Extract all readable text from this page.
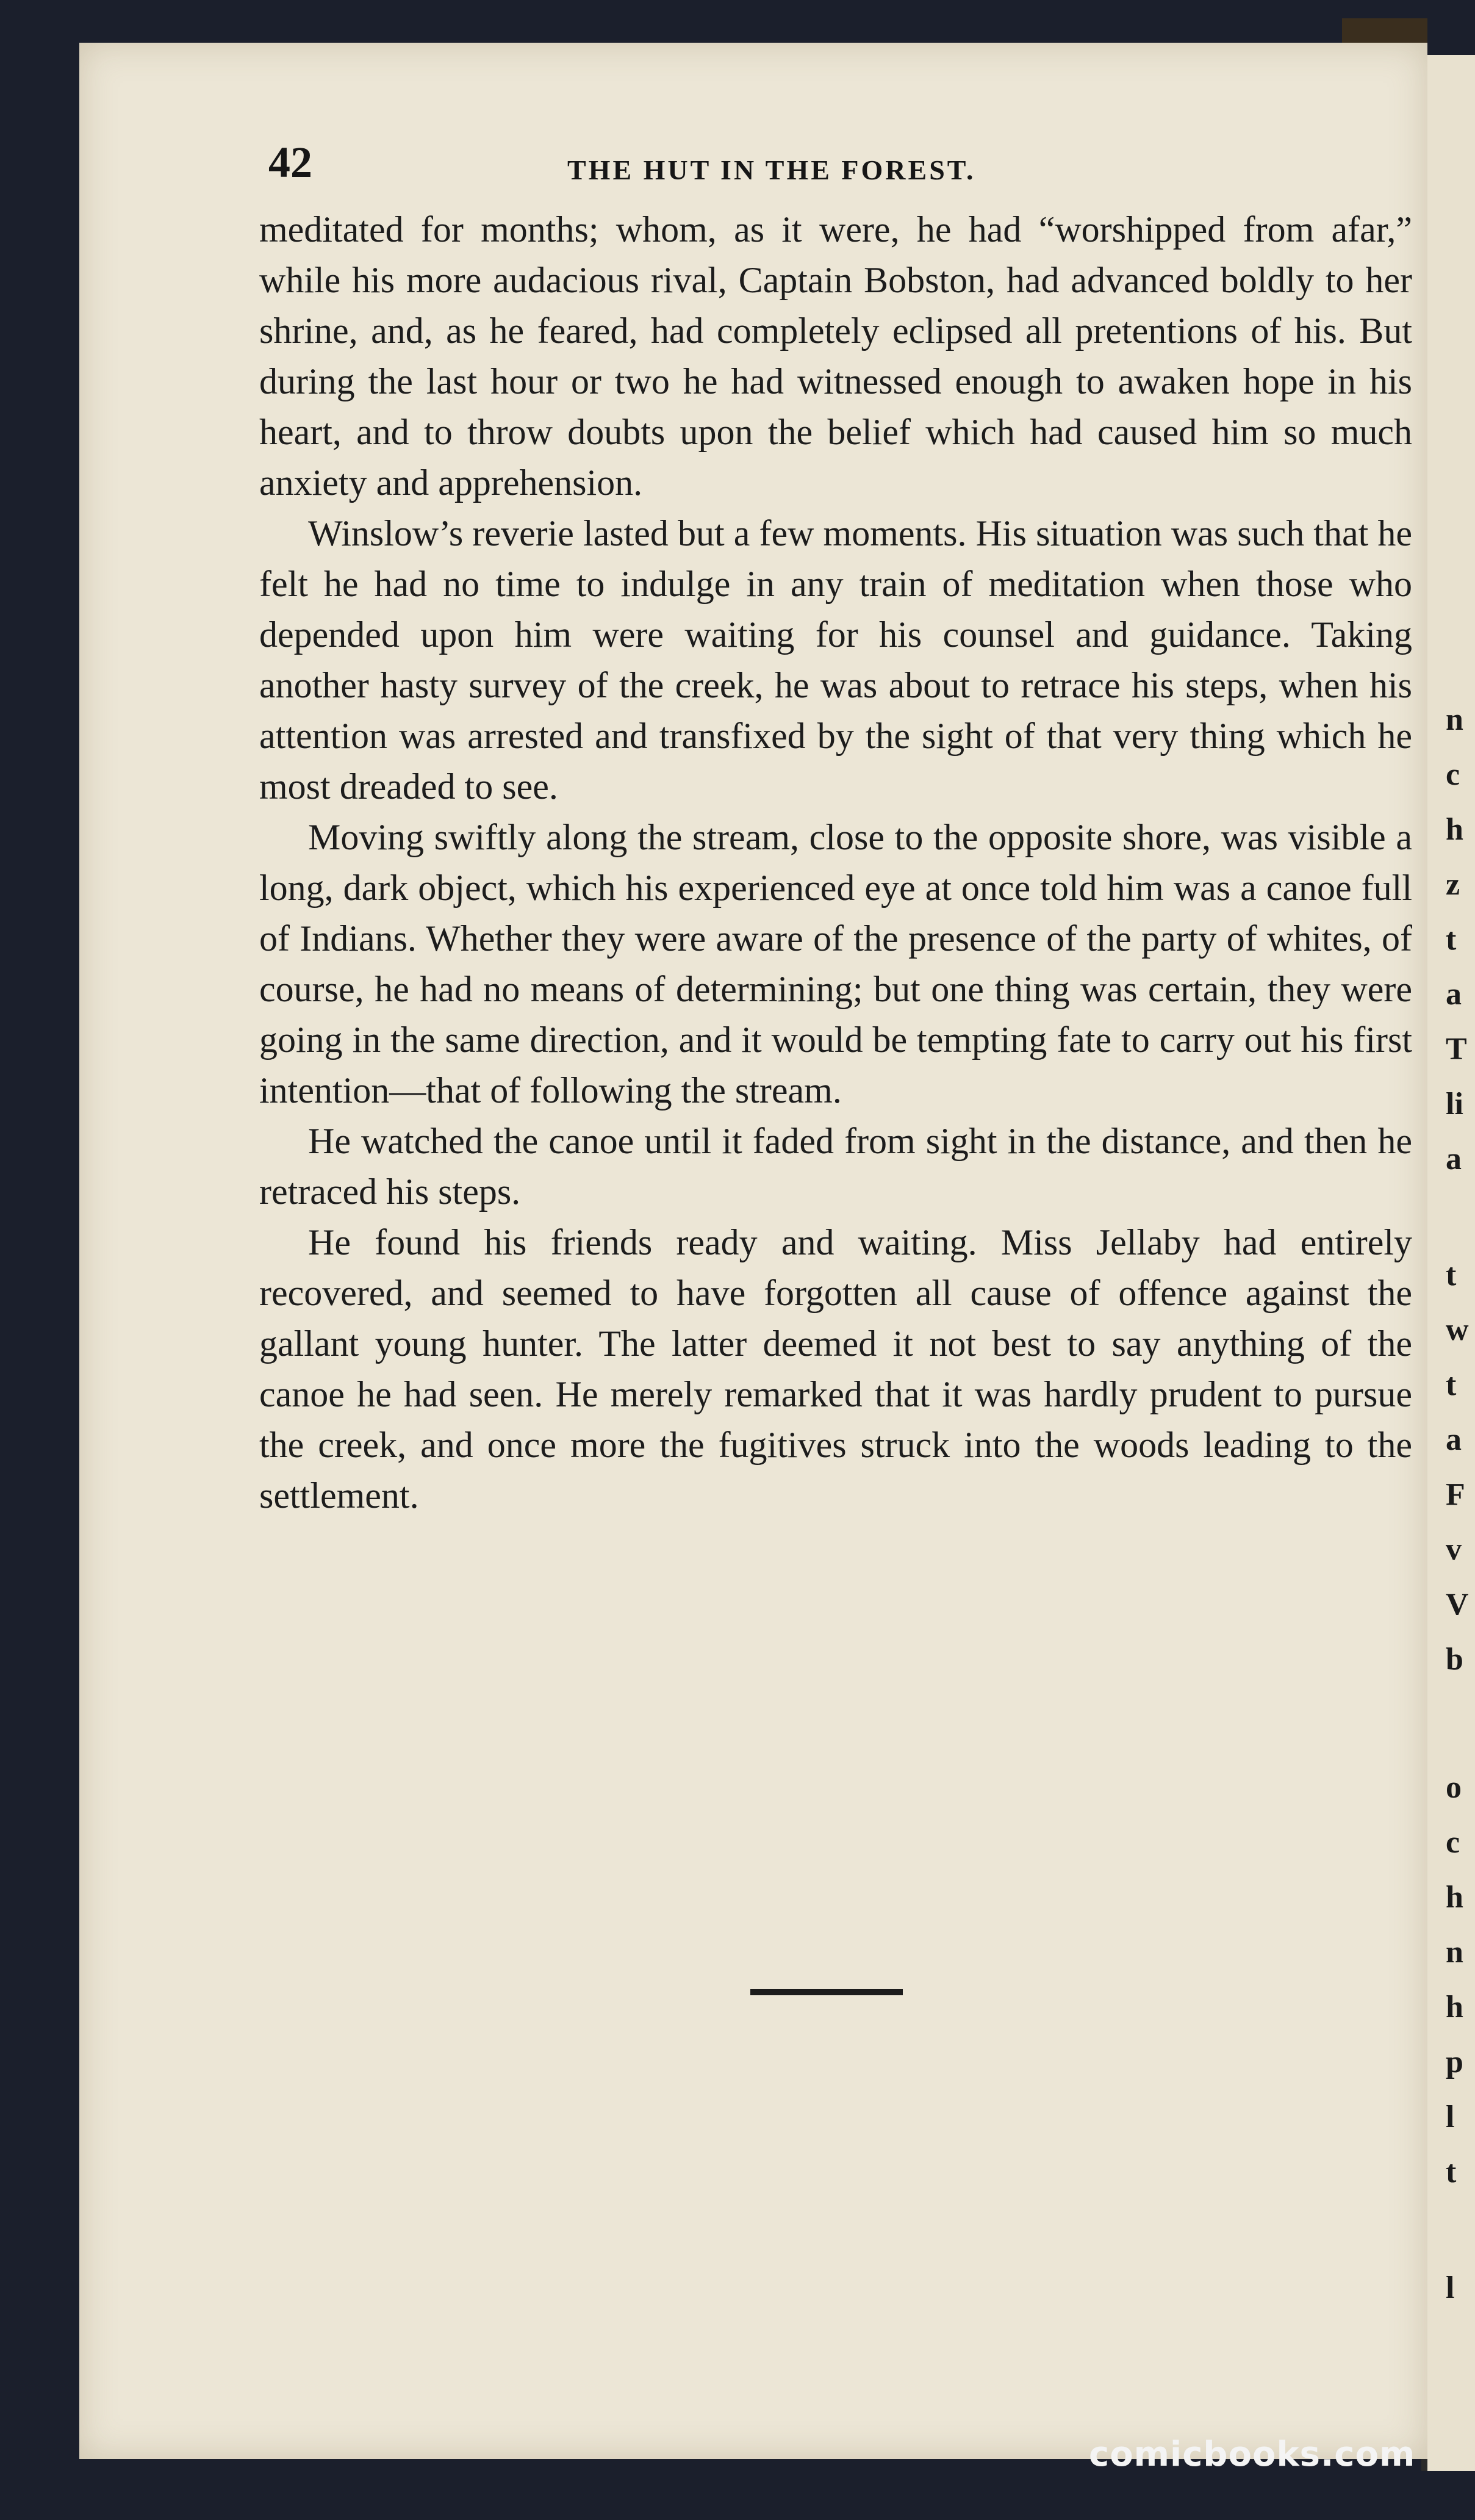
n
c
h
z
t
a
T
li
a
t
w
t
a
F
v
V
b
o
c
h
n
h
p
l
t
l
42	THE HUT IN THE FOREST.

meditated for months; whom, as it were, he had “worshipped from afar,” while his more audacious rival, Captain Bobston, had advanced boldly to her shrine, and, as he feared, had completely eclipsed all pretentions of his. But during the last hour or two he had witnessed enough to awaken hope in his heart, and to throw doubts upon the belief which had caused him so much anxiety and apprehension.

Winslow’s reverie lasted but a few moments. His situation was such that he felt he had no time to indulge in any train of meditation when those who depended upon him were waiting for his counsel and guidance. Taking another hasty survey of the creek, he was about to retrace his steps, when his attention was arrested and transfixed by the sight of that very thing which he most dreaded to see.

Moving swiftly along the stream, close to the opposite shore, was visible a long, dark object, which his experienced eye at once told him was a canoe full of Indians. Whether they were aware of the presence of the party of whites, of course, he had no means of determining; but one thing was certain, they were going in the same direction, and it would be tempting fate to carry out his first intention—that of following the stream.

He watched the canoe until it faded from sight in the distance, and then he retraced his steps.

He found his friends ready and waiting. Miss Jellaby had entirely recovered, and seemed to have forgotten all cause of offence against the gallant young hunter. The latter deemed it not best to say anything of the canoe he had seen. He merely remarked that it was hardly prudent to pursue the creek, and once more the fugitives struck into the woods leading to the settlement.

comicbooks.com
